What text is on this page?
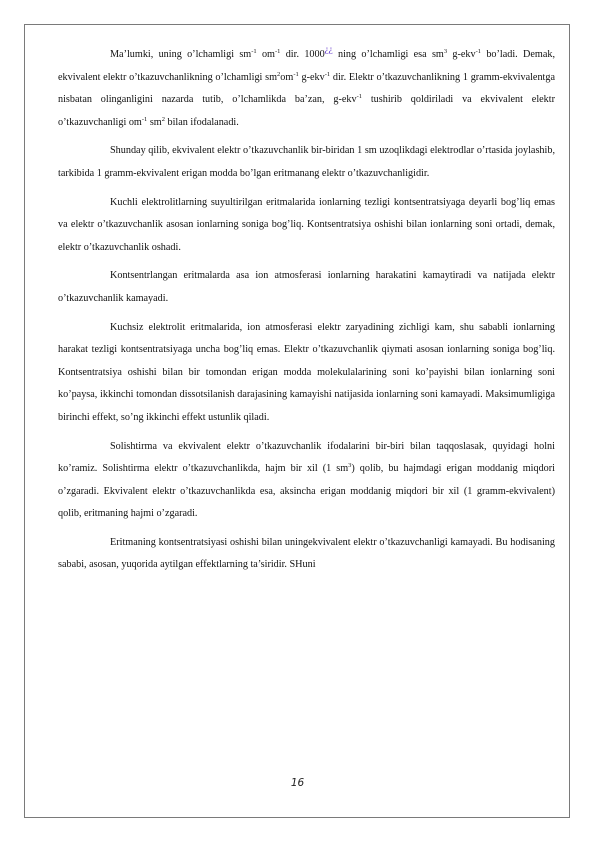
Ma’lumki, uning o’lchamligi $sm^{-1}$ $om^{-1}$ dir. 1000¿¿ ning o’lchamligi esa $sm^3$ g-ekv$^{-1}$ bo’ladi. Demak, ekvivalent elektr o’tkazuvchanlikning o’lchamligi $sm^2om^{-1}$ g-ekv$^{-1}$ dir. Elektr o’tkazuvchanlikning 1 gramm-ekvivalentga nisbatan olinganligini nazarda tutib, o’lchamlikda ba’zan, g-ekv$^{-1}$ tushirib qoldiriladi va ekvivalent elektr o’tkazuvchanligi $om^{-1}$ $sm^2$ bilan ifodalanadi.

Shunday qilib, ekvivalent elektr o’tkazuvchanlik bir-biridan 1 sm uzoqlikdagi elektrodlar o’rtasida joylashib, tarkibida 1 gramm-ekvivalent erigan modda bo’lgan eritmanang elektr o’tkazuvchanligidir.

Kuchli elektrolitlarning suyultirilgan eritmalarida ionlarning tezligi kontsentratsiyaga deyarli bog’liq emas va elektr o’tkazuvchanlik asosan ionlarning soniga bog’liq. Kontsentratsiya oshishi bilan ionlarning soni ortadi, demak, elektr o’tkazuvchanlik oshadi.

Kontsentrlangan eritmalarda asa ion atmosferasi ionlarning harakatini kamaytiradi va natijada elektr o’tkazuvchanlik kamayadi.

Kuchsiz elektrolit eritmalarida, ion atmosferasi elektr zaryadining zichligi kam, shu sababli ionlarning harakat tezligi kontsentratsiyaga uncha bog’liq emas. Elektr o’tkazuvchanlik qiymati asosan ionlarning soniga bog’liq. Kontsentratsiya oshishi bilan bir tomondan erigan modda molekulalarining soni ko’payishi bilan ionlarning soni ko’paysa, ikkinchi tomondan dissotsilanish darajasining kamayishi natijasida ionlarning soni kamayadi. Maksimumligiga birinchi effekt, so’ng ikkinchi effekt ustunlik qiladi.

Solishtirma va ekvivalent elektr o’tkazuvchanlik ifodalarini bir-biri bilan taqqoslasak, quyidagi holni ko’ramiz. Solishtirma elektr o’tkazuvchanlikda, hajm bir xil (1 $sm^3$) qolib, bu hajmdagi erigan moddanig miqdori o’zgaradi. Ekvivalent elektr o’tkazuvchanlikda esa, aksincha erigan moddanig miqdori bir xil (1 gramm-ekvivalent) qolib, eritmaning hajmi o’zgaradi.

Eritmaning kontsentratsiyasi oshishi bilan uningekvivalent elektr o’tkazuvchanligi kamayadi. Bu hodisaning sababi, asosan, yuqorida aytilgan effektlarning ta’siridir. SHuni

16
